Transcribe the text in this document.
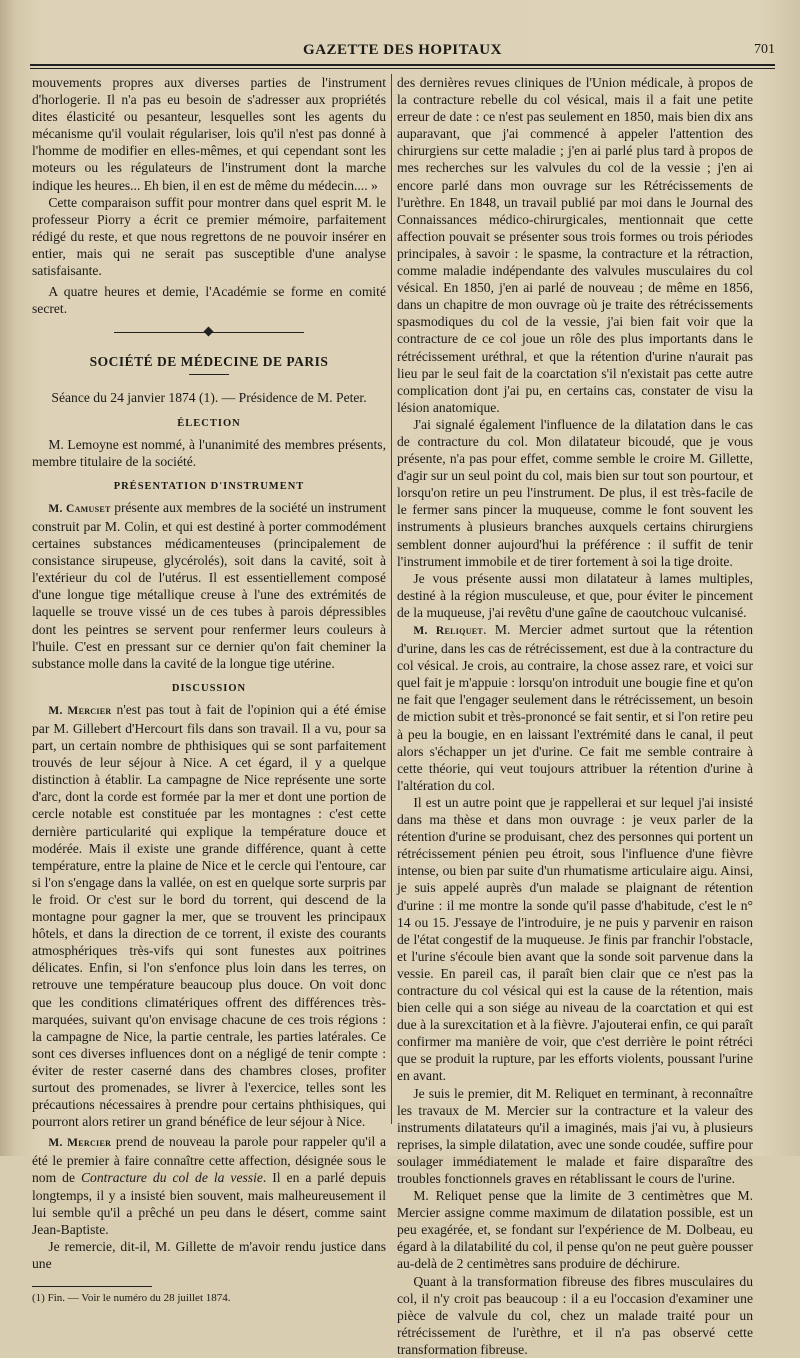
GAZETTE DES HOPITAUX	701

mouvements propres aux diverses parties de l'instrument d'horlogerie. Il n'a pas eu besoin de s'adresser aux propriétés dites élasticité ou pesanteur, lesquelles sont les agents du mécanisme qu'il voulait régulariser, lois qu'il n'est pas donné à l'homme de modifier en elles-mêmes, et qui cependant sont les moteurs ou les régulateurs de l'instrument dont la marche indique les heures... Eh bien, il en est de même du médecin.... »

Cette comparaison suffit pour montrer dans quel esprit M. le professeur Piorry a écrit ce premier mémoire, parfaitement rédigé du reste, et que nous regrettons de ne pouvoir insérer en entier, mais qui ne serait pas susceptible d'une analyse satisfaisante.

A quatre heures et demie, l'Académie se forme en comité secret.

SOCIÉTÉ DE MÉDECINE DE PARIS

Séance du 24 janvier 1874 (1). — Présidence de M. Peter.

ÉLECTION

M. Lemoyne est nommé, à l'unanimité des membres présents, membre titulaire de la société.

PRÉSENTATION D'INSTRUMENT

M. Camuset présente aux membres de la société un instrument construit par M. Colin, et qui est destiné à porter commodément certaines substances médicamenteuses (principalement de consistance sirupeuse, glycérolés), soit dans la cavité, soit à l'extérieur du col de l'utérus. Il est essentiellement composé d'une longue tige métallique creuse à l'une des extrémités de laquelle se trouve vissé un de ces tubes à parois dépressibles dont les peintres se servent pour renfermer leurs couleurs à l'huile. C'est en pressant sur ce dernier qu'on fait cheminer la substance molle dans la cavité de la longue tige utérine.

DISCUSSION

M. Mercier n'est pas tout à fait de l'opinion qui a été émise par M. Gillebert d'Hercourt fils dans son travail. Il a vu, pour sa part, un certain nombre de phthisiques qui se sont parfaitement trouvés de leur séjour à Nice. A cet égard, il y a quelque distinction à établir. La campagne de Nice représente une sorte d'arc, dont la corde est formée par la mer et dont une portion de cercle notable est constituée par les montagnes : c'est cette dernière particularité qui explique la température douce et modérée. Mais il existe une grande différence, quant à cette température, entre la plaine de Nice et le cercle qui l'entoure, car si l'on s'engage dans la vallée, on est en quelque sorte surpris par le froid. Or c'est sur le bord du torrent, qui descend de la montagne pour gagner la mer, que se trouvent les principaux hôtels, et dans la direction de ce torrent, il existe des courants atmosphériques très-vifs qui sont funestes aux poitrines délicates. Enfin, si l'on s'enfonce plus loin dans les terres, on retrouve une température beaucoup plus douce. On voit donc que les conditions climatériques offrent des différences très-marquées, suivant qu'on envisage chacune de ces trois régions : la campagne de Nice, la partie centrale, les parties latérales. Ce sont ces diverses influences dont on a négligé de tenir compte : éviter de rester caserné dans des chambres closes, profiter surtout des promenades, se livrer à l'exercice, telles sont les précautions nécessaires à prendre pour certains phthisiques, qui pourront alors retirer un grand bénéfice de leur séjour à Nice.

M. Mercier prend de nouveau la parole pour rappeler qu'il a été le premier à faire connaître cette affection, désignée sous le nom de Contracture du col de la vessie. Il en a parlé depuis longtemps, il y a insisté bien souvent, mais malheureusement il lui semble qu'il a prêché un peu dans le désert, comme saint Jean-Baptiste.

Je remercie, dit-il, M. Gillette de m'avoir rendu justice dans une

(1) Fin. — Voir le numéro du 28 juillet 1874.

des dernières revues cliniques de l'Union médicale, à propos de la contracture rebelle du col vésical, mais il a fait une petite erreur de date : ce n'est pas seulement en 1850, mais bien dix ans auparavant, que j'ai commencé à appeler l'attention des chirurgiens sur cette maladie ; j'en ai parlé plus tard à propos de mes recherches sur les valvules du col de la vessie ; j'en ai encore parlé dans mon ouvrage sur les Rétrécissements de l'urèthre. En 1848, un travail publié par moi dans le Journal des Connaissances médico-chirurgicales, mentionnait que cette affection pouvait se présenter sous trois formes ou trois périodes principales, à savoir : le spasme, la contracture et la rétraction, comme maladie indépendante des valvules musculaires du col vésical. En 1850, j'en ai parlé de nouveau ; de même en 1856, dans un chapitre de mon ouvrage où je traite des rétrécissements spasmodiques du col de la vessie, j'ai bien fait voir que la contracture de ce col joue un rôle des plus importants dans le rétrécissement uréthral, et que la rétention d'urine n'aurait pas lieu par le seul fait de la coarctation s'il n'existait pas cette autre complication dont j'ai pu, en certains cas, constater de visu la lésion anatomique.

J'ai signalé également l'influence de la dilatation dans le cas de contracture du col. Mon dilatateur bicoudé, que je vous présente, n'a pas pour effet, comme semble le croire M. Gillette, d'agir sur un seul point du col, mais bien sur tout son pourtour, et lorsqu'on retire un peu l'instrument. De plus, il est très-facile de le fermer sans pincer la muqueuse, comme le font souvent les instruments à plusieurs branches auxquels certains chirurgiens semblent donner aujourd'hui la préférence : il suffit de tenir l'instrument immobile et de tirer fortement à soi la tige droite.

Je vous présente aussi mon dilatateur à lames multiples, destiné à la région musculeuse, et que, pour éviter le pincement de la muqueuse, j'ai revêtu d'une gaîne de caoutchouc vulcanisé.

M. Reliquet. M. Mercier admet surtout que la rétention d'urine, dans les cas de rétrécissement, est due à la contracture du col vésical. Je crois, au contraire, la chose assez rare, et voici sur quel fait je m'appuie : lorsqu'on introduit une bougie fine et qu'on ne fait que l'engager seulement dans le rétrécissement, un besoin de miction subit et très-prononcé se fait sentir, et si l'on retire peu à peu la bougie, en en laissant l'extrémité dans le canal, il peut alors s'échapper un jet d'urine. Ce fait me semble contraire à cette théorie, qui veut toujours attribuer la rétention d'urine à l'altération du col.

Il est un autre point que je rappellerai et sur lequel j'ai insisté dans ma thèse et dans mon ouvrage : je veux parler de la rétention d'urine se produisant, chez des personnes qui portent un rétrécissement pénien peu étroit, sous l'influence d'une fièvre intense, ou bien par suite d'un rhumatisme articulaire aigu. Ainsi, je suis appelé auprès d'un malade se plaignant de rétention d'urine : il me montre la sonde qu'il passe d'habitude, c'est le n° 14 ou 15. J'essaye de l'introduire, je ne puis y parvenir en raison de l'état congestif de la muqueuse. Je finis par franchir l'obstacle, et l'urine s'écoule bien avant que la sonde soit parvenue dans la vessie. En pareil cas, il paraît bien clair que ce n'est pas la contracture du col vésical qui est la cause de la rétention, mais bien celle qui a son siége au niveau de la coarctation et qui est due à la surexcitation et à la fièvre. J'ajouterai enfin, ce qui paraît confirmer ma manière de voir, que c'est derrière le point rétréci que se produit la rupture, par les efforts violents, poussant l'urine en avant.

Je suis le premier, dit M. Reliquet en terminant, à reconnaître les travaux de M. Mercier sur la contracture et la valeur des instruments dilatateurs qu'il a imaginés, mais j'ai vu, à plusieurs reprises, la simple dilatation, avec une sonde coudée, suffire pour soulager immédiatement le malade et faire disparaître des troubles fonctionnels graves en rétablissant le cours de l'urine.

M. Reliquet pense que la limite de 3 centimètres que M. Mercier assigne comme maximum de dilatation possible, est un peu exagérée, et, se fondant sur l'expérience de M. Dolbeau, eu égard à la dilatabilité du col, il pense qu'on ne peut guère pousser au-delà de 2 centimètres sans produire de déchirure.

Quant à la transformation fibreuse des fibres musculaires du col, il n'y croit pas beaucoup : il a eu l'occasion d'examiner une pièce de valvule du col, chez un malade traité pour un rétrécissement de l'urèthre, et il n'a pas observé cette transformation fibreuse.
